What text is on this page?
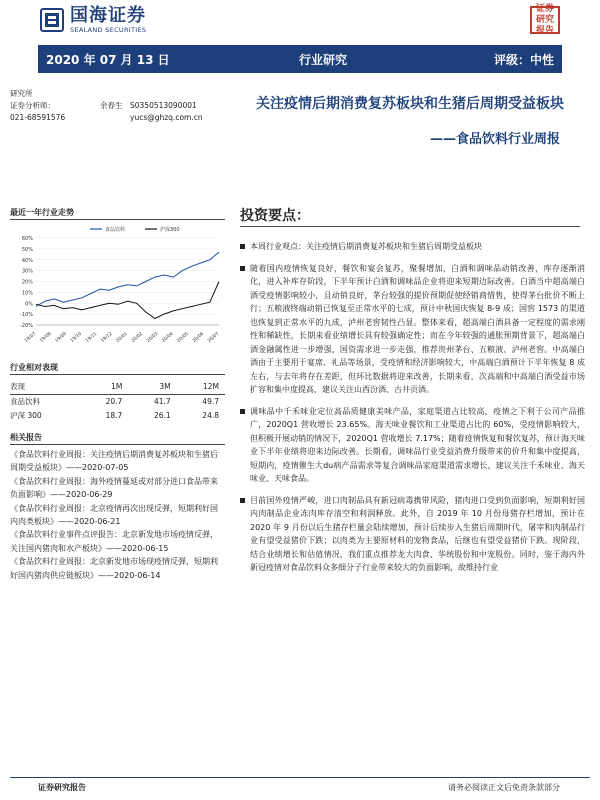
国海证券
SEALAND SECURITIES
证券研究报告
2020 年 07 月 13 日	行业研究	评级：中性
研究所
证券分析师：	余春生	S0350513090001
021-68591576	yucs@ghzq.com.cn
关注疫情后期消费复苏板块和生猪后周期受益板块
——食品饮料行业周报
最近一年行业走势
-20%
-10%
0%
10%
20%
30%
40%
50%
60%
19/07 19/08 19/09 19/10 19/11 19/12 20/01 20/02 20/03 20/04 20/05 20/06 20/07
食品饮料	沪深300
行业相对表现
表现	1M	3M	12M
食品饮料	20.7	41.7	49.7
沪深 300	18.7	26.1	24.8
相关报告
《食品饮料行业周报：关注疫情后期消费复苏板块和生猪后周期受益板块》——2020-07-05
《食品饮料行业周报：海外疫情蔓延或对部分进口食品带来负面影响》——2020-06-29
《食品饮料行业周报：北京疫情再次出现反弹，短期利好国内肉类板块》——2020-06-21
《食品饮料行业事件点评报告：北京新发地市场疫情反弹，关注国内猪肉和水产板块》——2020-06-15
《食品饮料行业周报：北京新发地市场现疫情反弹，短期利好国内猪肉供应链板块》——2020-06-14
投资要点：
本周行业观点：关注疫情后期消费复苏板块和生猪后周期受益板块
随着国内疫情恢复良好，餐饮和宴会复苏，聚餐增加，白酒和调味品动销改善，库存逐渐消化，进入补库存阶段，下半年预计白酒和调味品企业将迎来短期边际改善。白酒当中超高端白酒受疫情影响较小，且动销良好，茅台较强的提价预期促使经销商惜售，使得茅台批价不断上行；五粮液终端动销已恢复至正常水平的七成，预计中秋国庆恢复 8-9 成；国窖 1573 的渠道也恢复到正常水平的九成，泸州老窖韧性凸显。整体来看，超高端白酒具备一定程度的需求刚性和稀缺性，长期来看业绩增长具有较强确定性；而在今年较强的通胀预期背景下，超高端白酒金融属性进一步增强，国资需求进一步走强，推荐贵州茅台、五粮液、泸州老窖。中高端白酒由于主要用于宴席、礼品等场景，受疫情和经济影响较大，中高端白酒预计下半年恢复 8 成左右，与去年将存在差距，但环比数据将迎来改善，长期来看，次高端和中高端白酒受益市场扩容和集中度提高，建议关注山西汾酒、古井贡酒。
调味品中千禾味业定位高品质健康美味产品，家庭渠道占比较高，疫情之下利于公司产品推广，2020Q1 营收增长 23.65%。海天味业餐饮和工业渠道占比的 60%，受疫情影响较大，但积极开展动销的情况下，2020Q1 营收增长 7.17%；随着疫情恢复和餐饮复苏，预计海天味业下半年业绩将迎来边际改善。长期看，调味品行业受益消费升级带来的价升和集中度提高，短期内，疫情催生大du病产品需求等复合调味品家庭渠道需求增长，建议关注千禾味业、海天味业、天味食品。
目前国外疫情严峻，进口肉制品具有新冠病毒携带风险，猪肉进口受到负面影响，短期利好国内肉制品企业冻肉库存清空和利润释放。此外，自 2019 年 10 月份母猪存栏增加，预计在 2020 年 9 月份以后生猪存栏量会陆续增加，预计后续步入生猪后周期时代，屠宰和肉制品行业有望受益猪价下跌；以肉类为主要原材料的宠物食品，后继也有望受益猪价下跌。现阶段，结合业绩增长和估值情况，我们重点推荐龙大肉食、华统股份和中宠股份。同时，鉴于海内外新冠疫情对食品饮料众多细分子行业带来较大的负面影响，故维持行业
证券研究报告	请务必阅读正文后免责条款部分
